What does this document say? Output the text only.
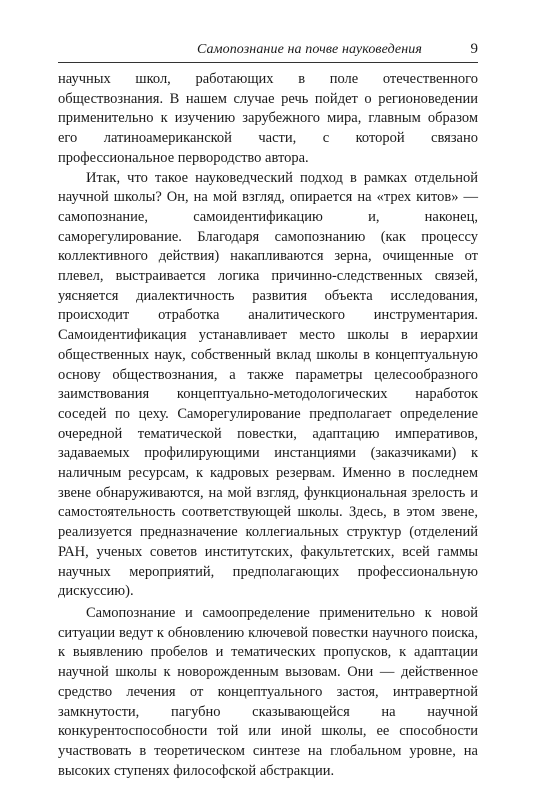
Самопознание на почве науковедения	9

научных школ, работающих в поле отечественного обществознания. В нашем случае речь пойдет о регионоведении применительно к изучению зарубежного мира, главным образом его латиноамериканской части, с которой связано профессиональное первородство автора.

Итак, что такое науковедческий подход в рамках отдельной научной школы? Он, на мой взгляд, опирается на «трех китов» — самопознание, самоидентификацию и, наконец, саморегулирование. Благодаря самопознанию (как процессу коллективного действия) накапливаются зерна, очищенные от плевел, выстраивается логика причинно-следственных связей, уясняется диалектичность развития объекта исследования, происходит отработка аналитического инструментария. Самоидентификация устанавливает место школы в иерархии общественных наук, собственный вклад школы в концептуальную основу обществознания, а также параметры целесообразного заимствования концептуально-методологических наработок соседей по цеху. Саморегулирование предполагает определение очередной тематической повестки, адаптацию императивов, задаваемых профилирующими инстанциями (заказчиками) к наличным ресурсам, к кадровых резервам. Именно в последнем звене обнаруживаются, на мой взгляд, функциональная зрелость и самостоятельность соответствующей школы. Здесь, в этом звене, реализуется предназначение коллегиальных структур (отделений РАН, ученых советов институтских, факультетских, всей гаммы научных мероприятий, предполагающих профессиональную дискуссию).

Самопознание и самоопределение применительно к новой ситуации ведут к обновлению ключевой повестки научного поиска, к выявлению пробелов и тематических пропусков, к адаптации научной школы к новорожденным вызовам. Они — действенное средство лечения от концептуального застоя, интравертной замкнутости, пагубно сказывающейся на научной конкурентоспособности той или иной школы, ее способности участвовать в теоретическом синтезе на глобальном уровне, на высоких ступенях философской абстракции.
